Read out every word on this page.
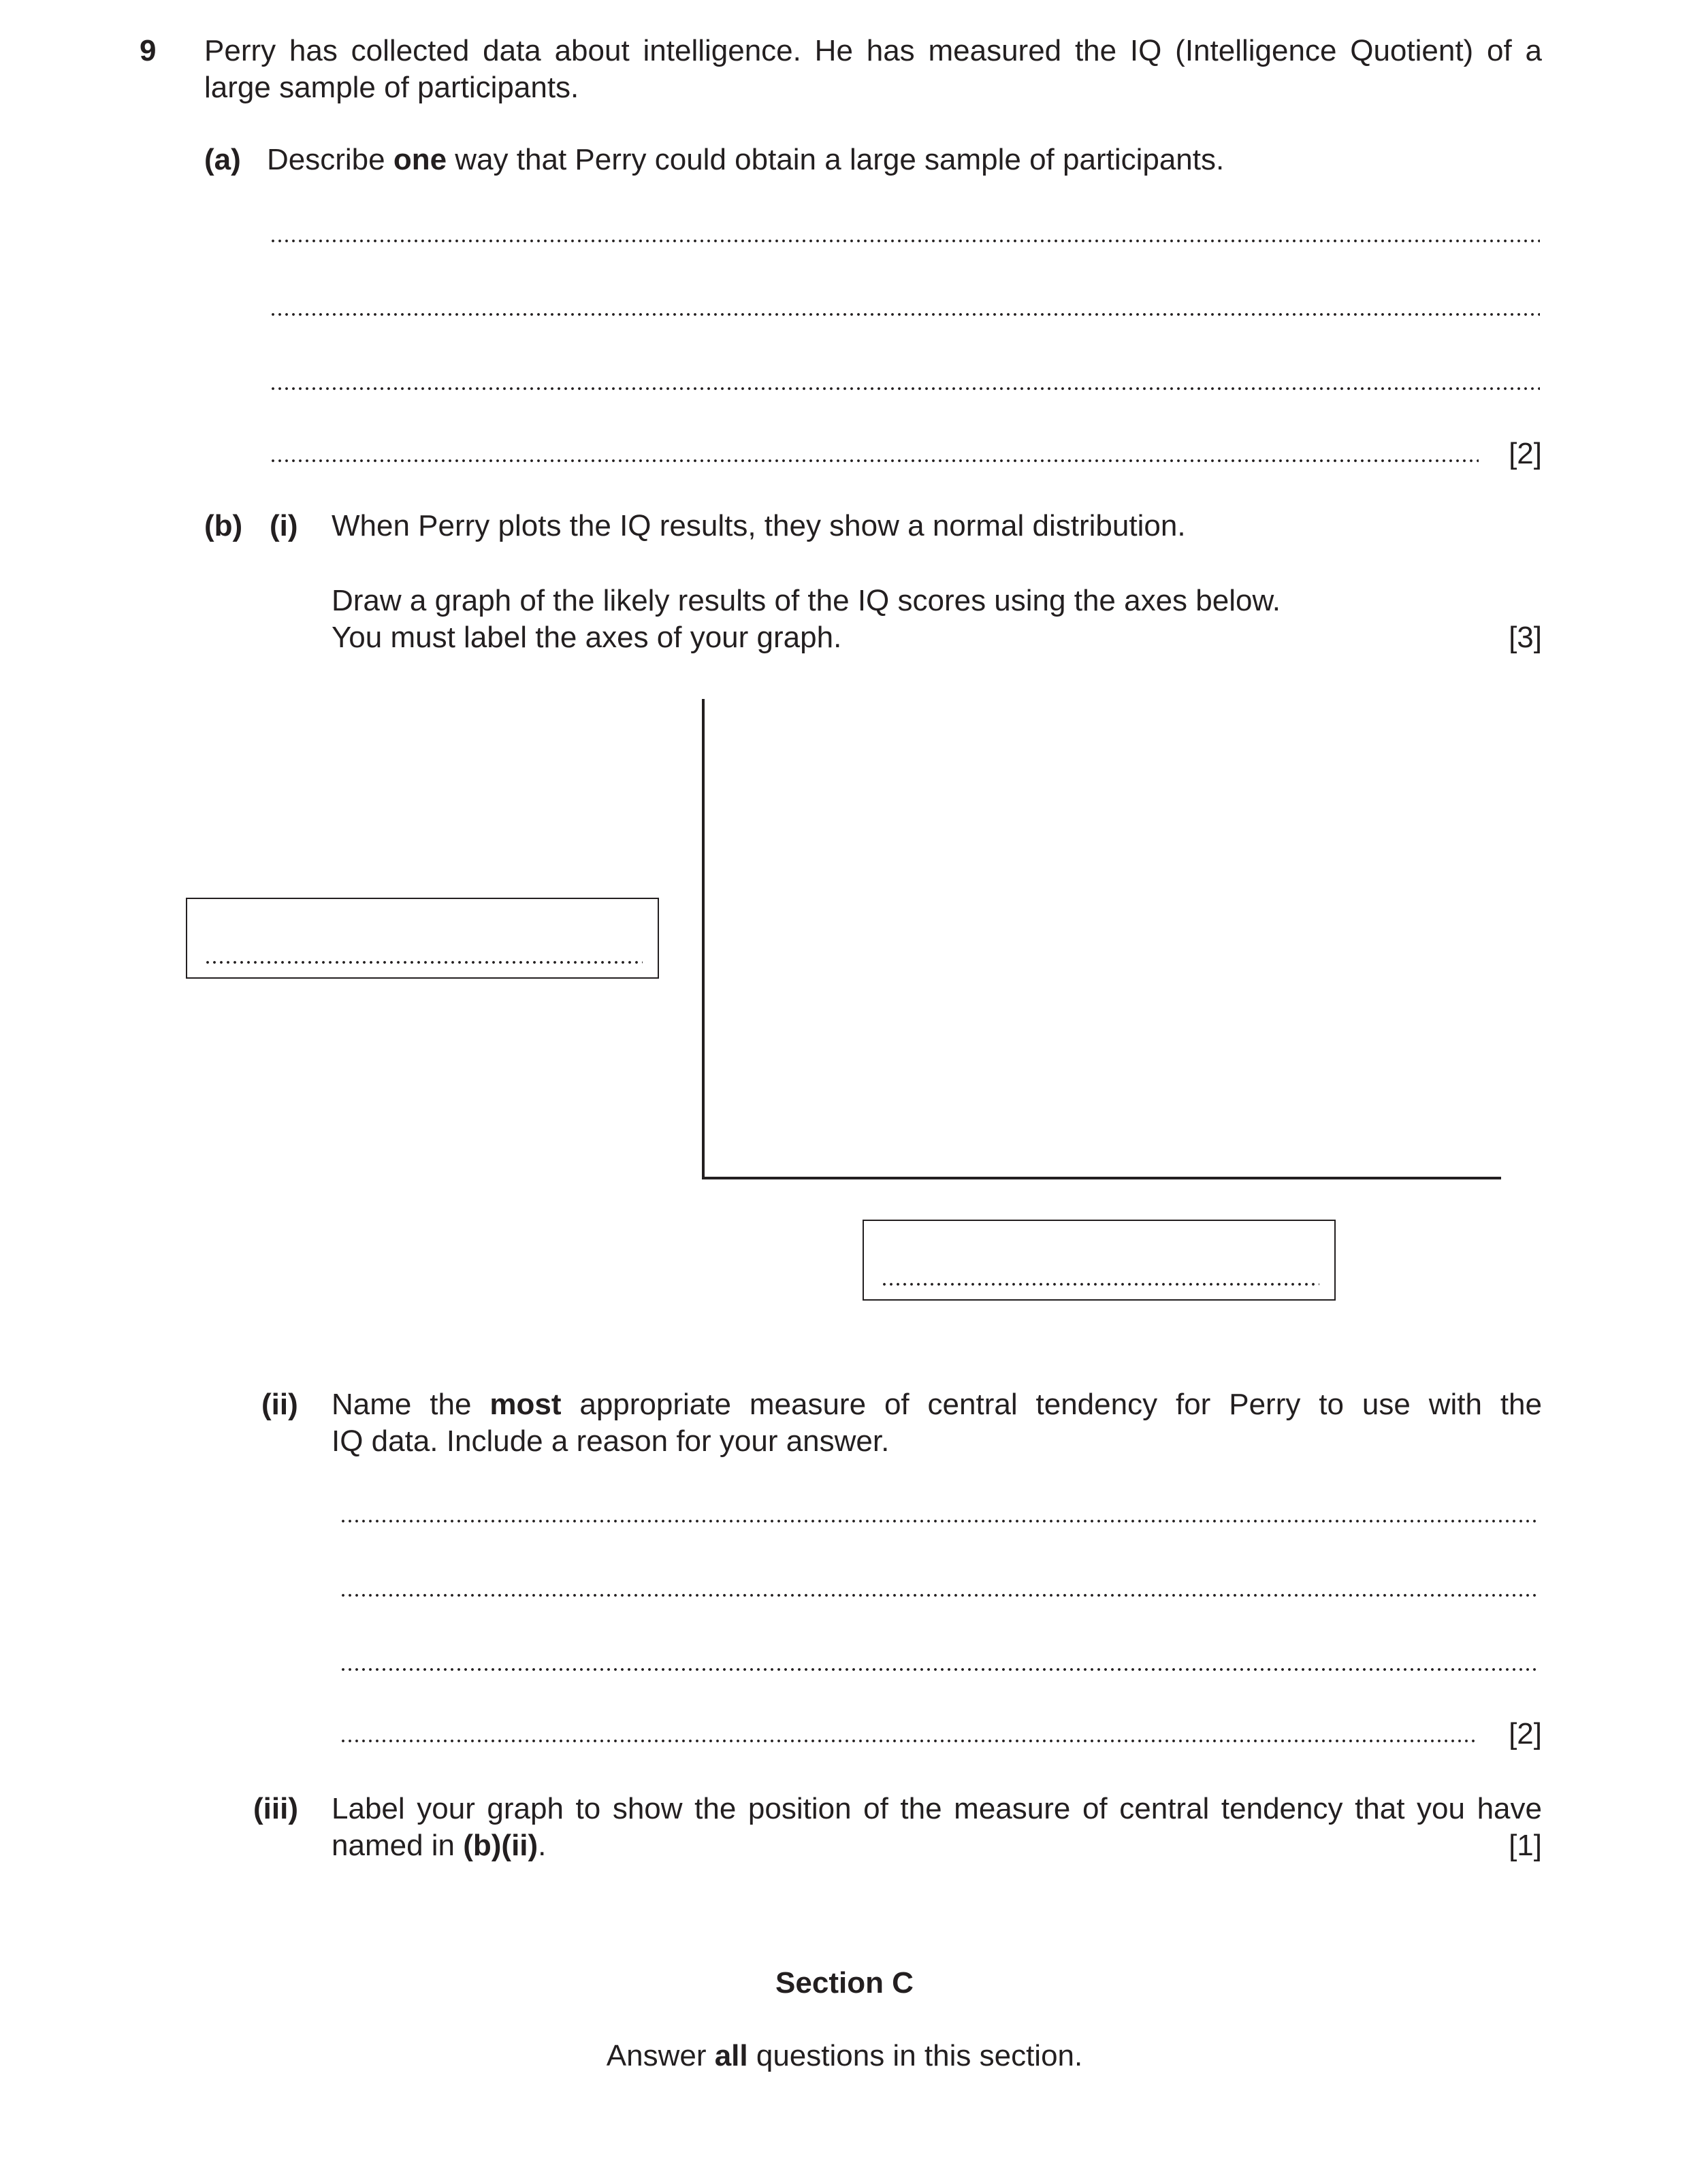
9 Perry has collected data about intelligence. He has measured the IQ (Intelligence Quotient) of a
large sample of participants.
(a) Describe one way that Perry could obtain a large sample of participants.
[2]
(b) (i) When Perry plots the IQ results, they show a normal distribution.
Draw a graph of the likely results of the IQ scores using the axes below.
You must label the axes of your graph.	[3]
(ii) Name the most appropriate measure of central tendency for Perry to use with the
IQ data. Include a reason for your answer.
[2]
(iii) Label your graph to show the position of the measure of central tendency that you have
named in (b)(ii).	[1]
Section C
Answer all questions in this section.
